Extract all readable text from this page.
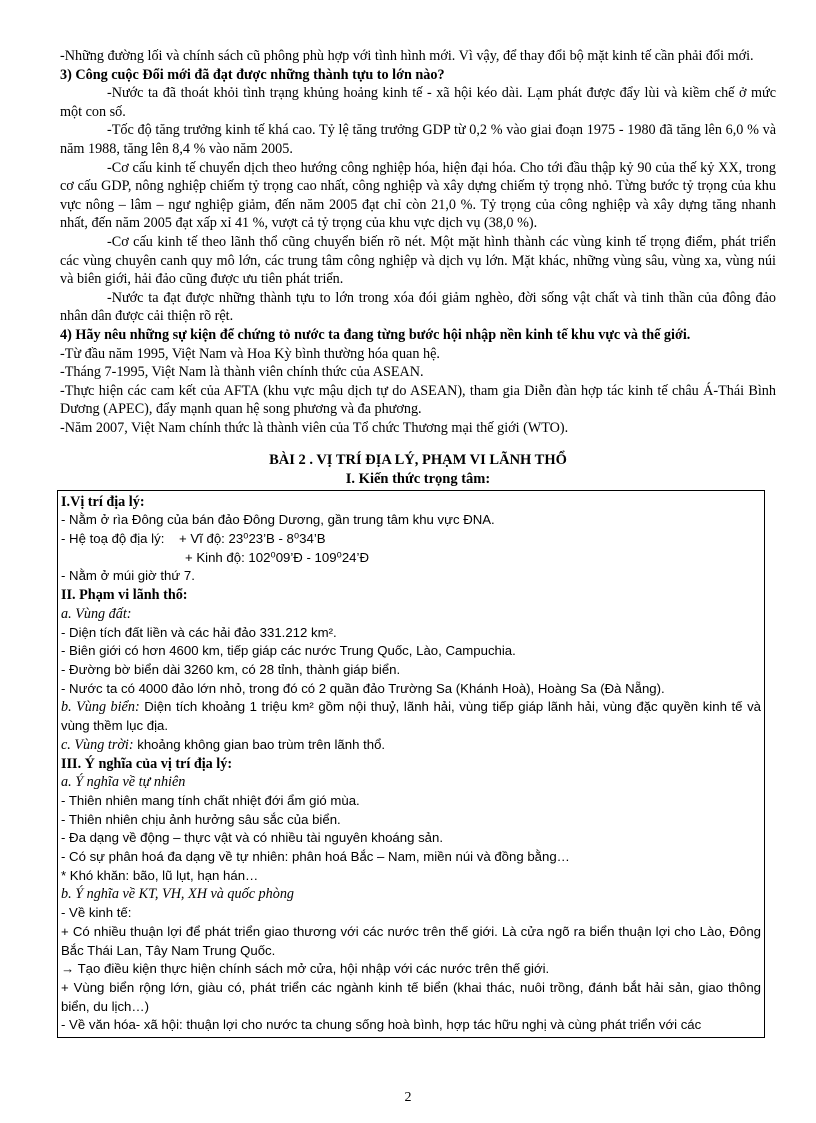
-Những đường lối và chính sách cũ phông phù hợp với tình hình mới. Vì vậy, để thay đổi bộ mặt kinh tế cần phải đổi mới.

3) Công cuộc Đổi mới đã đạt được những thành tựu to lớn nào?

-Nước ta đã thoát khỏi tình trạng khủng hoảng kinh tế - xã hội kéo dài. Lạm phát được đẩy lùi và kiềm chế ở mức một con số.

-Tốc độ tăng trưởng kinh tế khá cao. Tỷ lệ tăng trưởng GDP từ 0,2 % vào giai đoạn 1975 - 1980 đã tăng lên 6,0 % và năm 1988, tăng lên 8,4 % vào năm 2005.

-Cơ cấu kinh tế chuyển dịch theo hướng công nghiệp hóa, hiện đại hóa. Cho tới đầu thập kỷ 90 của thế kỷ XX, trong cơ cấu GDP, nông nghiệp chiếm tỷ trọng cao nhất, công nghiệp và xây dựng chiếm tỷ trọng nhỏ. Từng bước tỷ trọng của khu vực nông – lâm – ngư nghiệp giảm, đến năm 2005 đạt chỉ còn 21,0 %. Tỷ trọng của công nghiệp và xây dựng tăng nhanh nhất, đến năm 2005 đạt xấp xỉ 41 %, vượt cả tỷ trọng của khu vực dịch vụ (38,0 %).

-Cơ cấu kinh tế theo lãnh thổ cũng chuyển biến rõ nét. Một mặt hình thành các vùng kinh tế trọng điểm, phát triển các vùng chuyên canh quy mô lớn, các trung tâm công nghiệp và dịch vụ lớn. Mặt khác, những vùng sâu, vùng xa, vùng núi và biên giới, hải đảo cũng được ưu tiên phát triển.

-Nước ta đạt được những thành tựu to lớn trong xóa đói giảm nghèo, đời sống vật chất và tinh thần của đông đảo nhân dân được cải thiện rõ rệt.

4) Hãy nêu những sự kiện để chứng tỏ nước ta đang từng bước hội nhập nền kinh tế khu vực và thế giới.

-Từ đầu năm 1995, Việt Nam và Hoa Kỳ bình thường hóa quan hệ.

-Tháng 7-1995, Việt Nam là thành viên chính thức của ASEAN.

-Thực hiện các cam kết của AFTA (khu vực mậu dịch tự do ASEAN), tham gia Diễn đàn hợp tác kinh tế châu Á-Thái Bình Dương (APEC), đẩy mạnh quan hệ song phương và đa phương.

-Năm 2007, Việt Nam chính thức là thành viên của Tổ chức Thương mại thế giới (WTO).

BÀI 2 . VỊ TRÍ ĐỊA LÝ, PHẠM VI LÃNH THỔ

I. Kiến thức trọng tâm:

I.Vị trí địa lý:

- Nằm ở rìa Đông của bán đảo Đông Dương, gần trung tâm khu vực ĐNA.

- Hệ toạ độ địa lý: + Vĩ độ: 23⁰23’B - 8⁰34’B

+ Kinh độ: 102⁰09’Đ - 109⁰24’Đ

- Nằm ở múi giờ thứ 7.

II. Phạm vi lãnh thổ:

a. Vùng đất:

- Diện tích đất liền và các hải đảo 331.212 km².

- Biên giới có hơn 4600 km, tiếp giáp các nước Trung Quốc, Lào, Campuchia.

- Đường bờ biển dài 3260 km, có 28 tỉnh, thành giáp biển.

- Nước ta có 4000 đảo lớn nhỏ, trong đó có 2 quần đảo Trường Sa (Khánh Hoà), Hoàng Sa (Đà Nẵng).

b. Vùng biển: Diện tích khoảng 1 triệu km² gồm nội thuỷ, lãnh hải, vùng tiếp giáp lãnh hải, vùng đặc quyền kinh tế và vùng thềm lục địa.

c. Vùng trời: khoảng không gian bao trùm trên lãnh thổ.

III. Ý nghĩa của vị trí địa lý:

a. Ý nghĩa về tự nhiên

- Thiên nhiên mang tính chất nhiệt đới ẩm gió mùa.

- Thiên nhiên chịu ảnh hưởng sâu sắc của biển.

- Đa dạng về động – thực vật và có nhiều tài nguyên khoáng sản.

- Có sự phân hoá đa dạng về tự nhiên: phân hoá Bắc – Nam, miền núi và đồng bằng…

* Khó khăn: bão, lũ lụt, hạn hán…

b. Ý nghĩa về KT, VH, XH và quốc phòng

- Về kinh tế:

+ Có nhiều thuận lợi để phát triển giao thương với các nước trên thế giới. Là cửa ngõ ra biển thuận lợi cho Lào, Đông Bắc Thái Lan, Tây Nam Trung Quốc.

→ Tạo điều kiện thực hiện chính sách mở cửa, hội nhập với các nước trên thế giới.

+ Vùng biển rộng lớn, giàu có, phát triển các ngành kinh tế biển (khai thác, nuôi trồng, đánh bắt hải sản, giao thông biển, du lịch…)

- Về văn hóa- xã hội: thuận lợi cho nước ta chung sống hoà bình, hợp tác hữu nghị và cùng phát triển với các

2
